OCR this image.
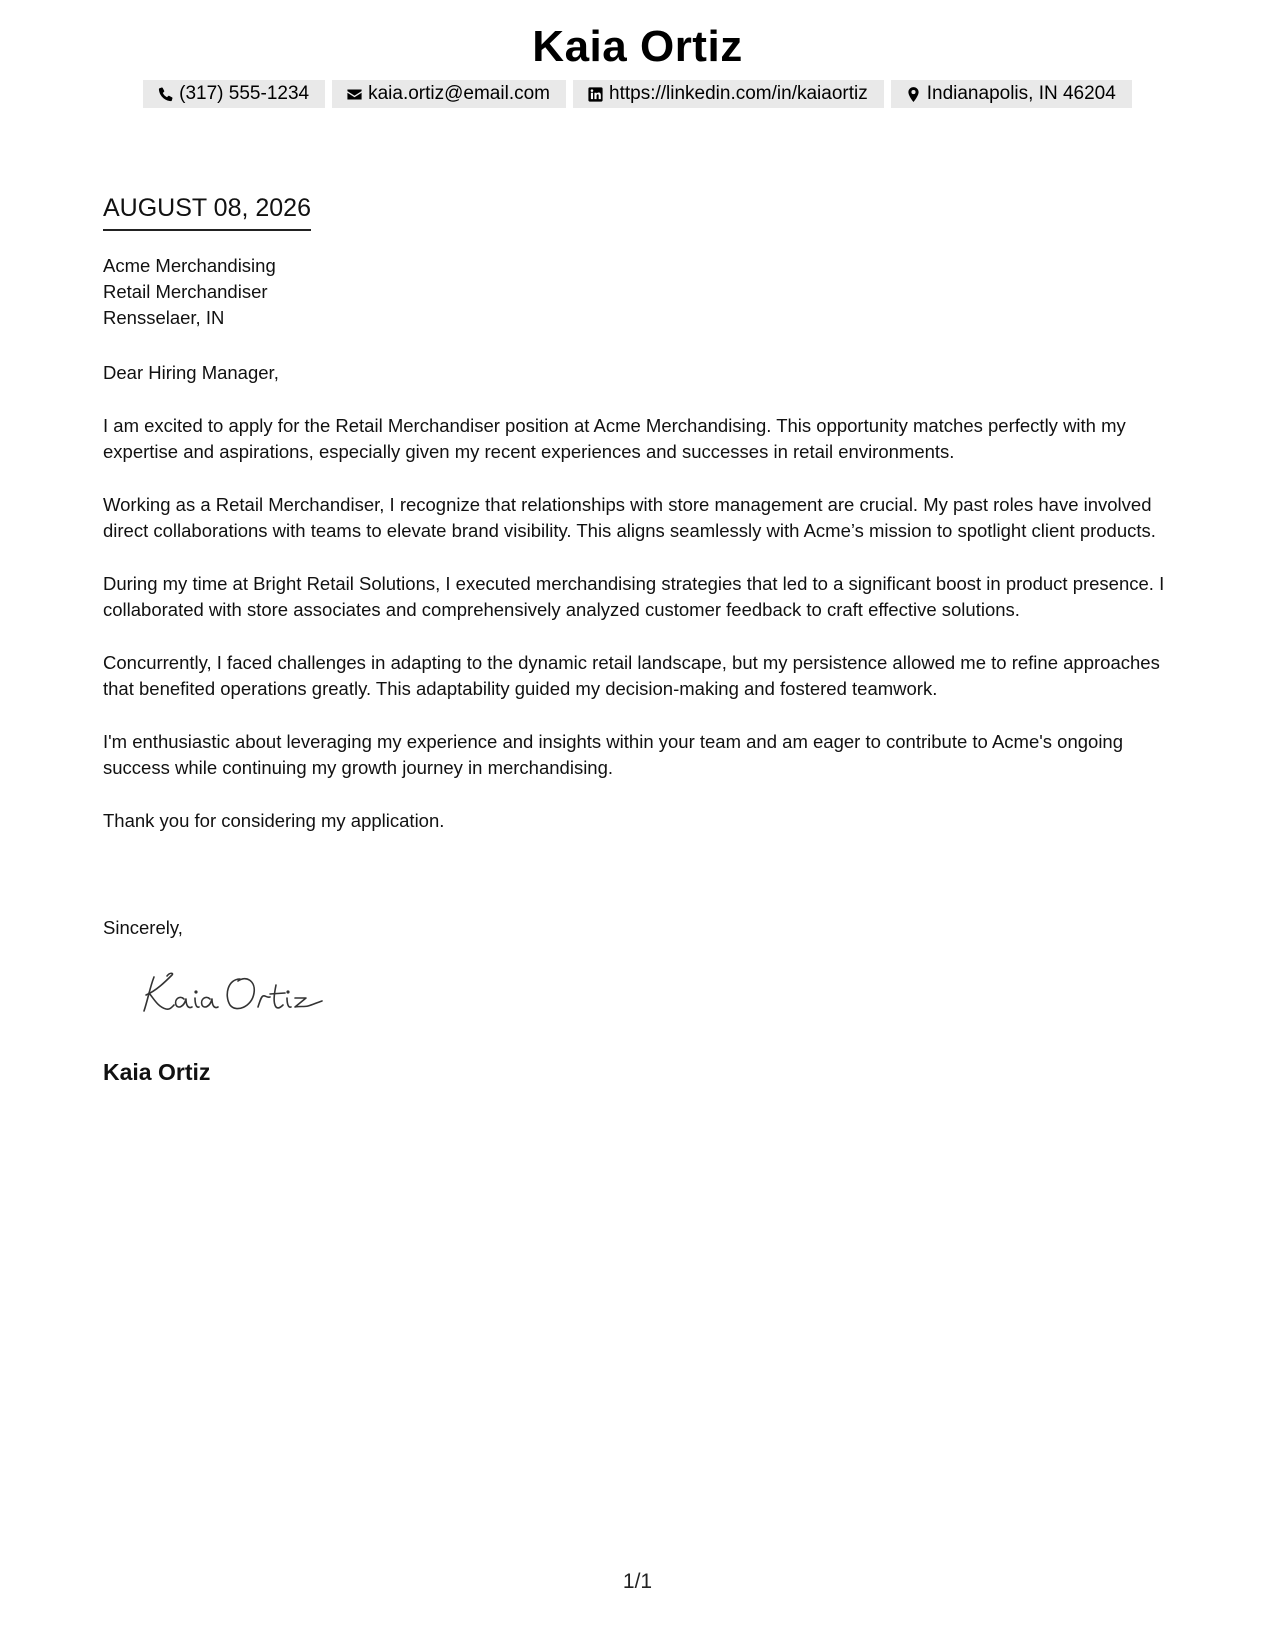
Kaia Ortiz
(317) 555-1234	kaia.ortiz@email.com	https://linkedin.com/in/kaiaortiz	Indianapolis, IN 46204
AUGUST 08, 2026
Acme Merchandising
Retail Merchandiser
Rensselaer, IN

Dear Hiring Manager,

I am excited to apply for the Retail Merchandiser position at Acme Merchandising. This opportunity matches perfectly with my expertise and aspirations, especially given my recent experiences and successes in retail environments.

Working as a Retail Merchandiser, I recognize that relationships with store management are crucial. My past roles have involved direct collaborations with teams to elevate brand visibility. This aligns seamlessly with Acme’s mission to spotlight client products.

During my time at Bright Retail Solutions, I executed merchandising strategies that led to a significant boost in product presence. I collaborated with store associates and comprehensively analyzed customer feedback to craft effective solutions.

Concurrently, I faced challenges in adapting to the dynamic retail landscape, but my persistence allowed me to refine approaches that benefited operations greatly. This adaptability guided my decision-making and fostered teamwork.

I'm enthusiastic about leveraging my experience and insights within your team and am eager to contribute to Acme's ongoing success while continuing my growth journey in merchandising.

Thank you for considering my application.

Sincerely,
Kaia Ortiz
1/1
